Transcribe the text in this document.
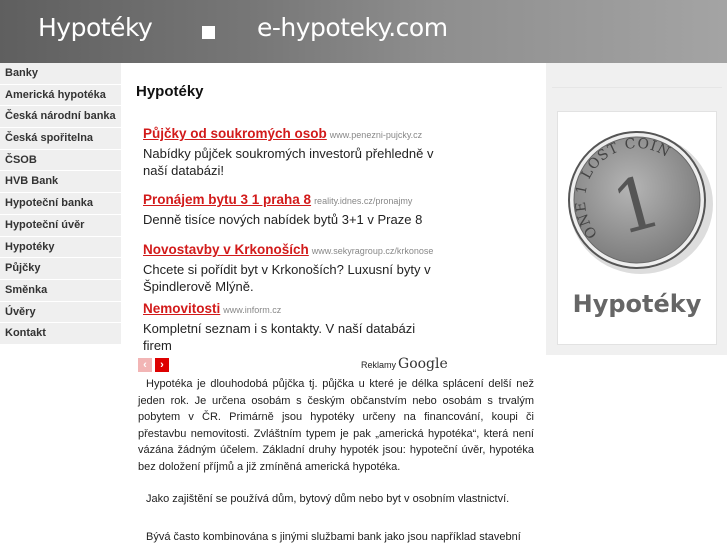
Hypotéky	e-hypoteky.com
Banky
Americká hypotéka
Česká národní banka
Česká spořitelna
ČSOB
HVB Bank
Hypoteční banka
Hypoteční úvěr
Hypotéky
Půjčky
Směnka
Úvěry
Kontakt
Hypotéky
Půjčky od soukromých osob www.penezni-pujcky.cz
Nabídky půjček soukromých investorů přehledně v naší databázi!
Pronájem bytu 3 1 praha 8 reality.idnes.cz/pronajmy
Denně tisíce nových nabídek bytů 3+1 v Praze 8
Novostavby v Krkonoších www.sekyragroup.cz/krkonose
Chcete si pořídit byt v Krkonoších? Luxusní byty v Špindlerově Mlýně.
Nemovitosti www.inform.cz
Kompletní seznam i s kontakty. V naší databázi firem
‹	›	Reklamy Google

Hypotéka je dlouhodobá půjčka tj. půjčka u které je délka splácení delší než jeden rok. Je určena osobám s českým občanstvím nebo osobám s trvalým pobytem v ČR. Primárně jsou hypotéky určeny na financování, koupi či přestavbu nemovitosti. Zvláštním typem je pak „americká hypotéka“, která není vázána žádným účelem. Základní druhy hypoték jsou: hypoteční úvěr, hypotéka bez doložení příjmů a již zmíněná americká hypotéka.

Jako zajištění se používá dům, bytový dům nebo byt v osobním vlastnictví.

Bývá často kombinována s jinými službami bank jako jsou například stavební

1
ONE 1 LOST COIN
Hypotéky
